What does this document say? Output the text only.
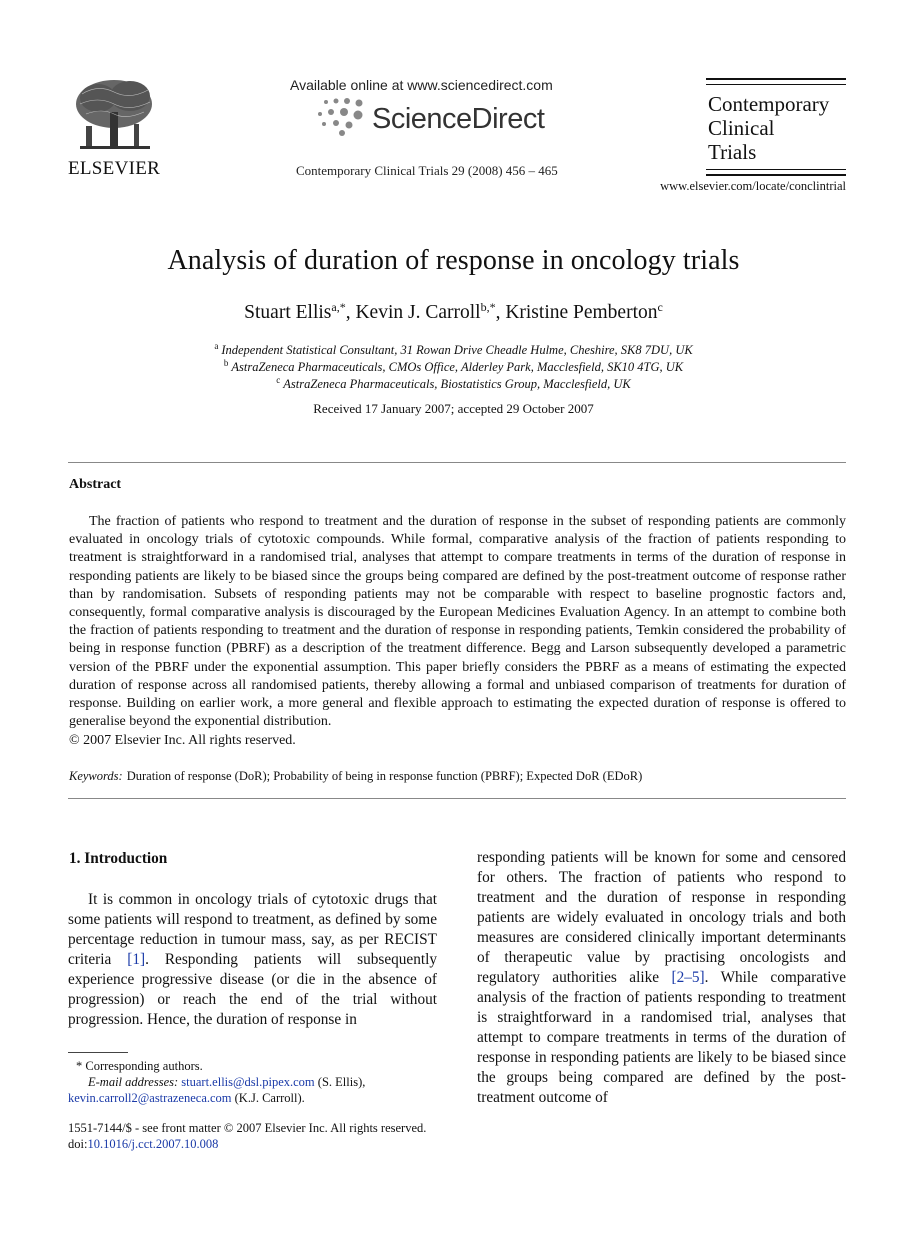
ELSEVIER
Available online at www.sciencedirect.com
ScienceDirect
Contemporary Clinical Trials 29 (2008) 456 – 465
Contemporary
Clinical
Trials
www.elsevier.com/locate/conclintrial
Analysis of duration of response in oncology trials
Stuart Ellis$^{a,*}$, Kevin J. Carroll$^{b,*}$, Kristine Pemberton$^c$
$^a$ Independent Statistical Consultant, 31 Rowan Drive Cheadle Hulme, Cheshire, SK8 7DU, UK
$^b$ AstraZeneca Pharmaceuticals, CMOs Office, Alderley Park, Macclesfield, SK10 4TG, UK
$^c$ AstraZeneca Pharmaceuticals, Biostatistics Group, Macclesfield, UK
Received 17 January 2007; accepted 29 October 2007
Abstract
The fraction of patients who respond to treatment and the duration of response in the subset of responding patients are commonly evaluated in oncology trials of cytotoxic compounds. While formal, comparative analysis of the fraction of patients responding to treatment is straightforward in a randomised trial, analyses that attempt to compare treatments in terms of the duration of response in responding patients are likely to be biased since the groups being compared are defined by the post-treatment outcome of response rather than by randomisation. Subsets of responding patients may not be comparable with respect to baseline prognostic factors and, consequently, formal comparative analysis is discouraged by the European Medicines Evaluation Agency. In an attempt to combine both the fraction of patients responding to treatment and the duration of response in responding patients, Temkin considered the probability of being in response function (PBRF) as a description of the treatment difference. Begg and Larson subsequently developed a parametric version of the PBRF under the exponential assumption. This paper briefly considers the PBRF as a means of estimating the expected duration of response across all randomised patients, thereby allowing a formal and unbiased comparison of treatments for duration of response. Building on earlier work, a more general and flexible approach to estimating the expected duration of response is offered to generalise beyond the exponential distribution.
© 2007 Elsevier Inc. All rights reserved.
Keywords: Duration of response (DoR); Probability of being in response function (PBRF); Expected DoR (EDoR)
1. Introduction
It is common in oncology trials of cytotoxic drugs that some patients will respond to treatment, as defined by some percentage reduction in tumour mass, say, as per RECIST criteria [1]. Responding patients will subsequently experience progressive disease (or die in the absence of progression) or reach the end of the trial without progression. Hence, the duration of response in
responding patients will be known for some and censored for others. The fraction of patients who respond to treatment and the duration of response in responding patients are widely evaluated in oncology trials and both measures are considered clinically important determinants of therapeutic value by practising oncologists and regulatory authorities alike [2–5]. While comparative analysis of the fraction of patients responding to treatment is straightforward in a randomised trial, analyses that attempt to compare treatments in terms of the duration of response in responding patients are likely to be biased since the groups being compared are defined by the post-treatment outcome of
* Corresponding authors.
E-mail addresses: stuart.ellis@dsl.pipex.com (S. Ellis),
kevin.carroll2@astrazeneca.com (K.J. Carroll).
1551-7144/$ - see front matter © 2007 Elsevier Inc. All rights reserved.
doi:10.1016/j.cct.2007.10.008
